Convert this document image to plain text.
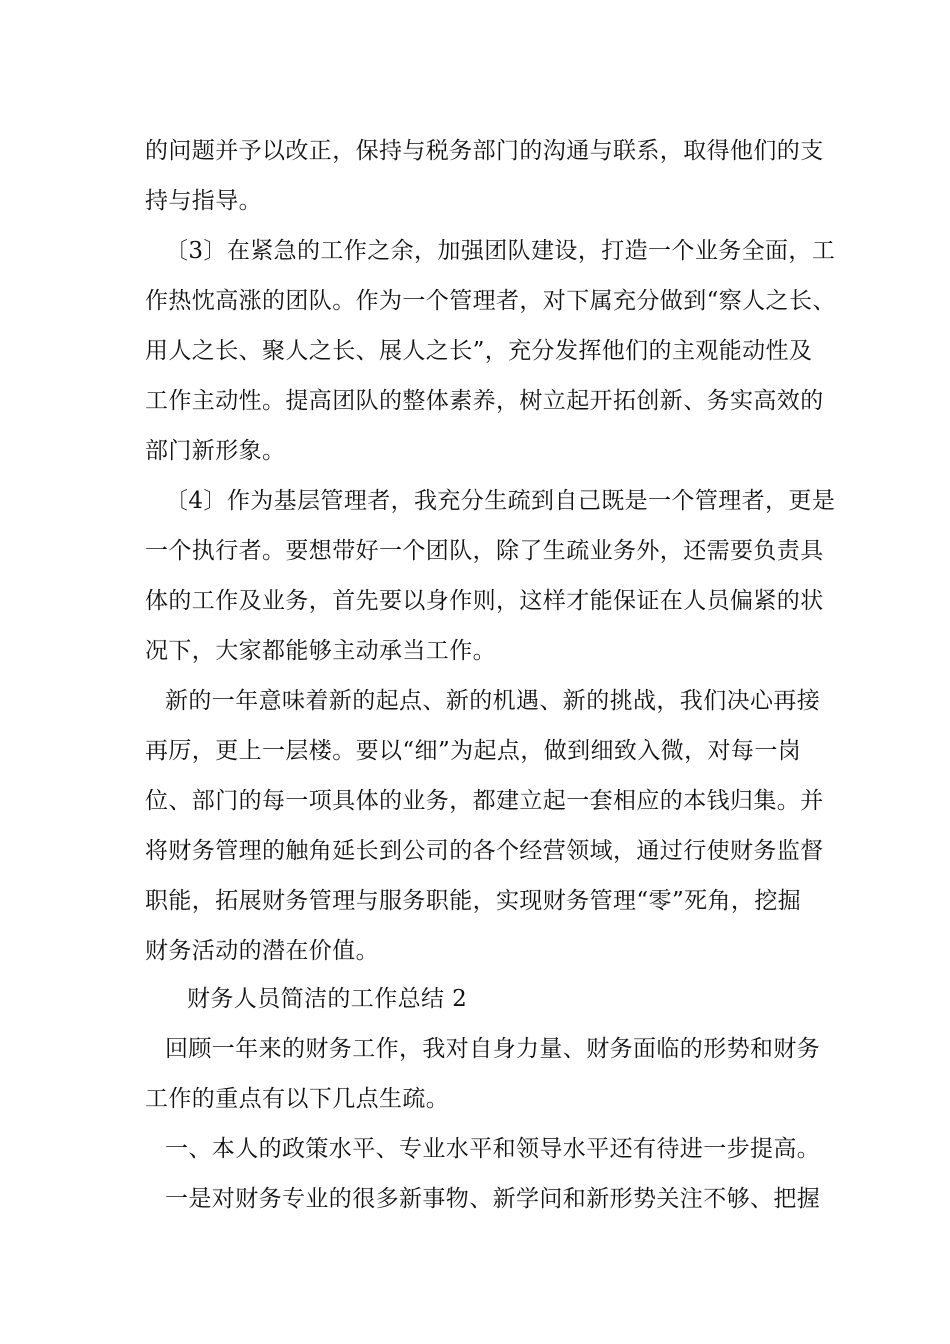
的问题并予以改正，保持与税务部门的沟通与联系，取得他们的支
持与指导。
〔3〕在紧急的工作之余，加强团队建设，打造一个业务全面，工
作热忱高涨的团队。作为一个管理者，对下属充分做到“察人之长、
用人之长、聚人之长、展人之长”，充分发挥他们的主观能动性及
工作主动性。提高团队的整体素养，树立起开拓创新、务实高效的
部门新形象。
〔4〕作为基层管理者，我充分生疏到自己既是一个管理者，更是
一个执行者。要想带好一个团队，除了生疏业务外，还需要负责具
体的工作及业务，首先要以身作则，这样才能保证在人员偏紧的状
况下，大家都能够主动承当工作。
新的一年意味着新的起点、新的机遇、新的挑战，我们决心再接
再厉，更上一层楼。要以“细”为起点，做到细致入微，对每一岗
位、部门的每一项具体的业务，都建立起一套相应的本钱归集。并
将财务管理的触角延长到公司的各个经营领域，通过行使财务监督
职能，拓展财务管理与服务职能，实现财务管理“零”死角，挖掘
财务活动的潜在价值。
财务人员简洁的工作总结 2
回顾一年来的财务工作，我对自身力量、财务面临的形势和财务
工作的重点有以下几点生疏。
一、本人的政策水平、专业水平和领导水平还有待进一步提高。
一是对财务专业的很多新事物、新学问和新形势关注不够、把握
